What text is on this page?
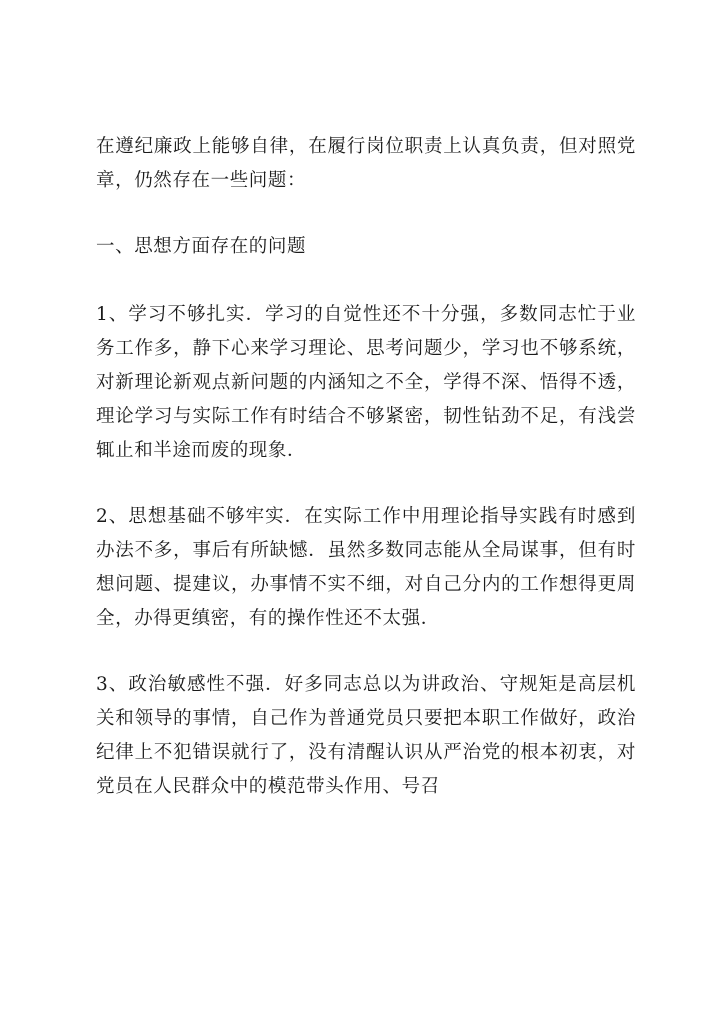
在遵纪廉政上能够自律，在履行岗位职责上认真负责，但对照党章，仍然存在一些问题：

一、思想方面存在的问题

1、学习不够扎实．学习的自觉性还不十分强，多数同志忙于业务工作多，静下心来学习理论、思考问题少，学习也不够系统，对新理论新观点新问题的内涵知之不全，学得不深、悟得不透，理论学习与实际工作有时结合不够紧密，韧性钻劲不足，有浅尝辄止和半途而废的现象．

2、思想基础不够牢实．在实际工作中用理论指导实践有时感到办法不多，事后有所缺憾．虽然多数同志能从全局谋事，但有时想问题、提建议，办事情不实不细，对自己分内的工作想得更周全，办得更缜密，有的操作性还不太强．

3、政治敏感性不强．好多同志总以为讲政治、守规矩是高层机关和领导的事情，自己作为普通党员只要把本职工作做好，政治纪律上不犯错误就行了，没有清醒认识从严治党的根本初衷，对党员在人民群众中的模范带头作用、号召
